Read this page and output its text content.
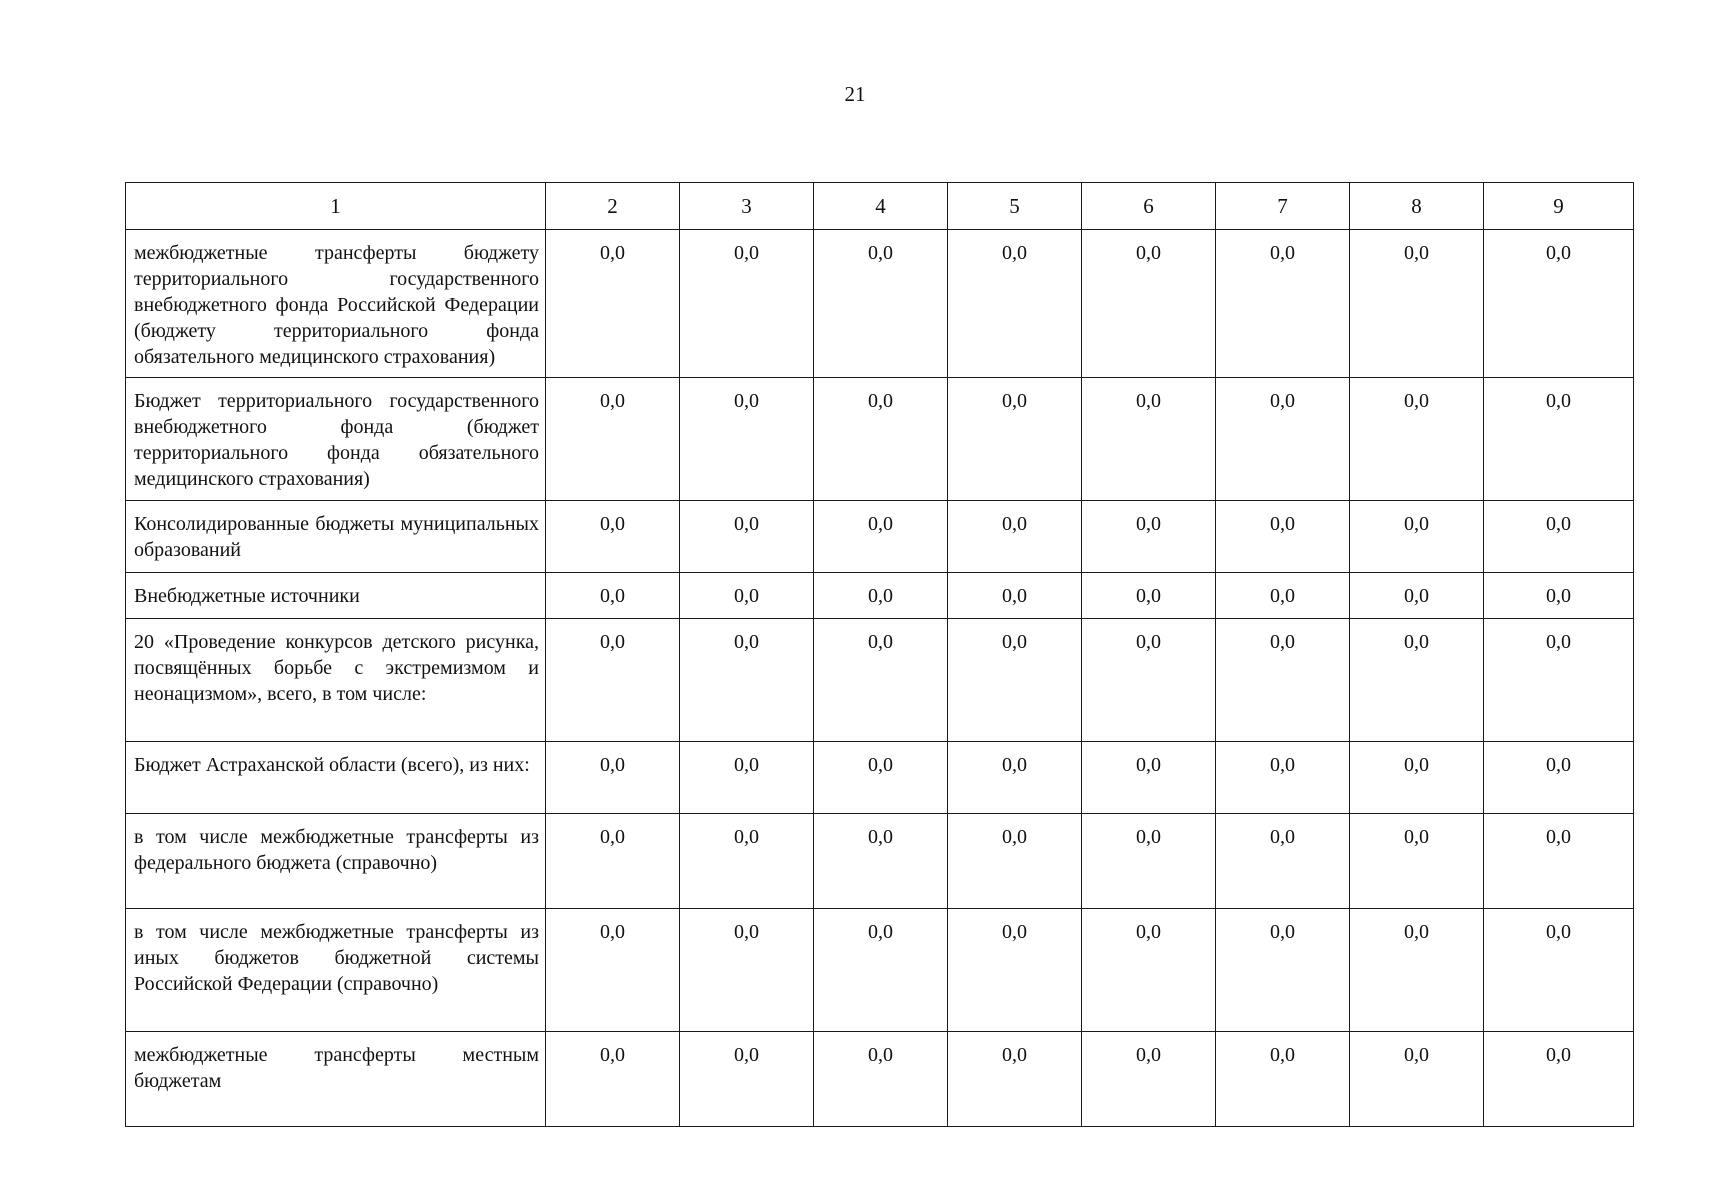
21
1	2	3	4	5	6	7	8	9
межбюджетные трансферты бюджету территориального государственного внебюджетного фонда Российской Федерации (бюджету территориального фонда обязательного медицинского страхования)	0,0	0,0	0,0	0,0	0,0	0,0	0,0	0,0
Бюджет территориального государственного внебюджетного фонда (бюджет территориального фонда обязательного медицинского страхования)	0,0	0,0	0,0	0,0	0,0	0,0	0,0	0,0
Консолидированные бюджеты муниципальных образований	0,0	0,0	0,0	0,0	0,0	0,0	0,0	0,0
Внебюджетные источники	0,0	0,0	0,0	0,0	0,0	0,0	0,0	0,0
20 «Проведение конкурсов детского рисунка, посвящённых борьбе с экстремизмом и неонацизмом», всего, в том числе:	0,0	0,0	0,0	0,0	0,0	0,0	0,0	0,0
Бюджет Астраханской области (всего), из них:	0,0	0,0	0,0	0,0	0,0	0,0	0,0	0,0
в том числе межбюджетные трансферты из федерального бюджета (справочно)	0,0	0,0	0,0	0,0	0,0	0,0	0,0	0,0
в том числе межбюджетные трансферты из иных бюджетов бюджетной системы Российской Федерации (справочно)	0,0	0,0	0,0	0,0	0,0	0,0	0,0	0,0
межбюджетные трансферты местным бюджетам	0,0	0,0	0,0	0,0	0,0	0,0	0,0	0,0
